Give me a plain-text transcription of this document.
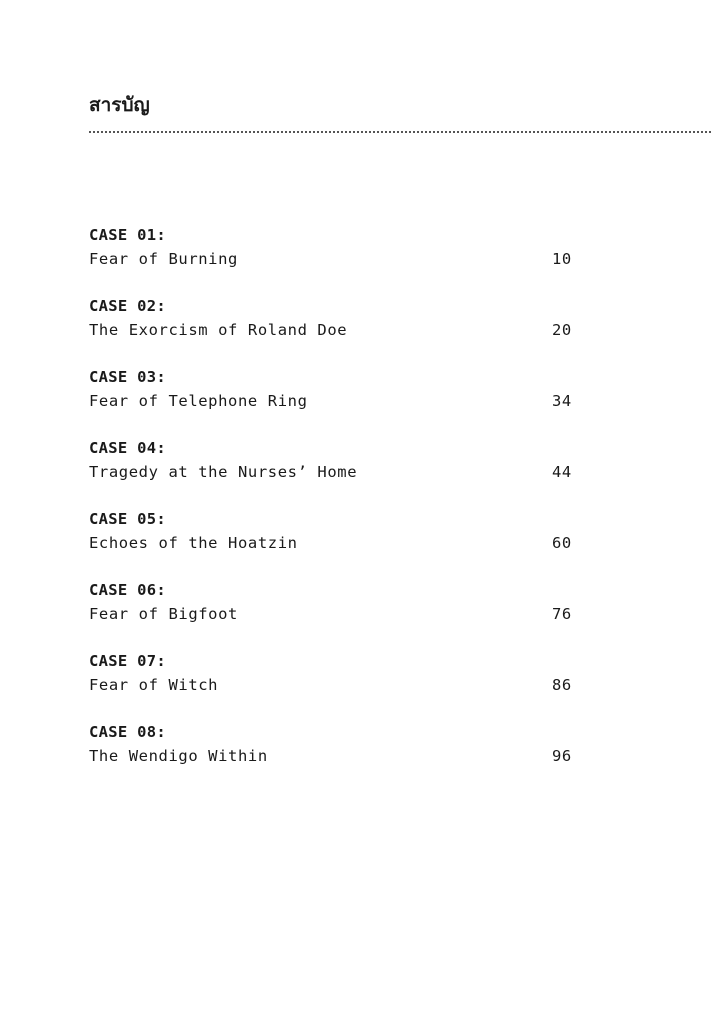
สารบัญ
CASE 01:
Fear of Burning	10
CASE 02:
The Exorcism of Roland Doe	20
CASE 03:
Fear of Telephone Ring	34
CASE 04:
Tragedy at the Nurses’ Home	44
CASE 05:
Echoes of the Hoatzin	60
CASE 06:
Fear of Bigfoot	76
CASE 07:
Fear of Witch	86
CASE 08:
The Wendigo Within	96
